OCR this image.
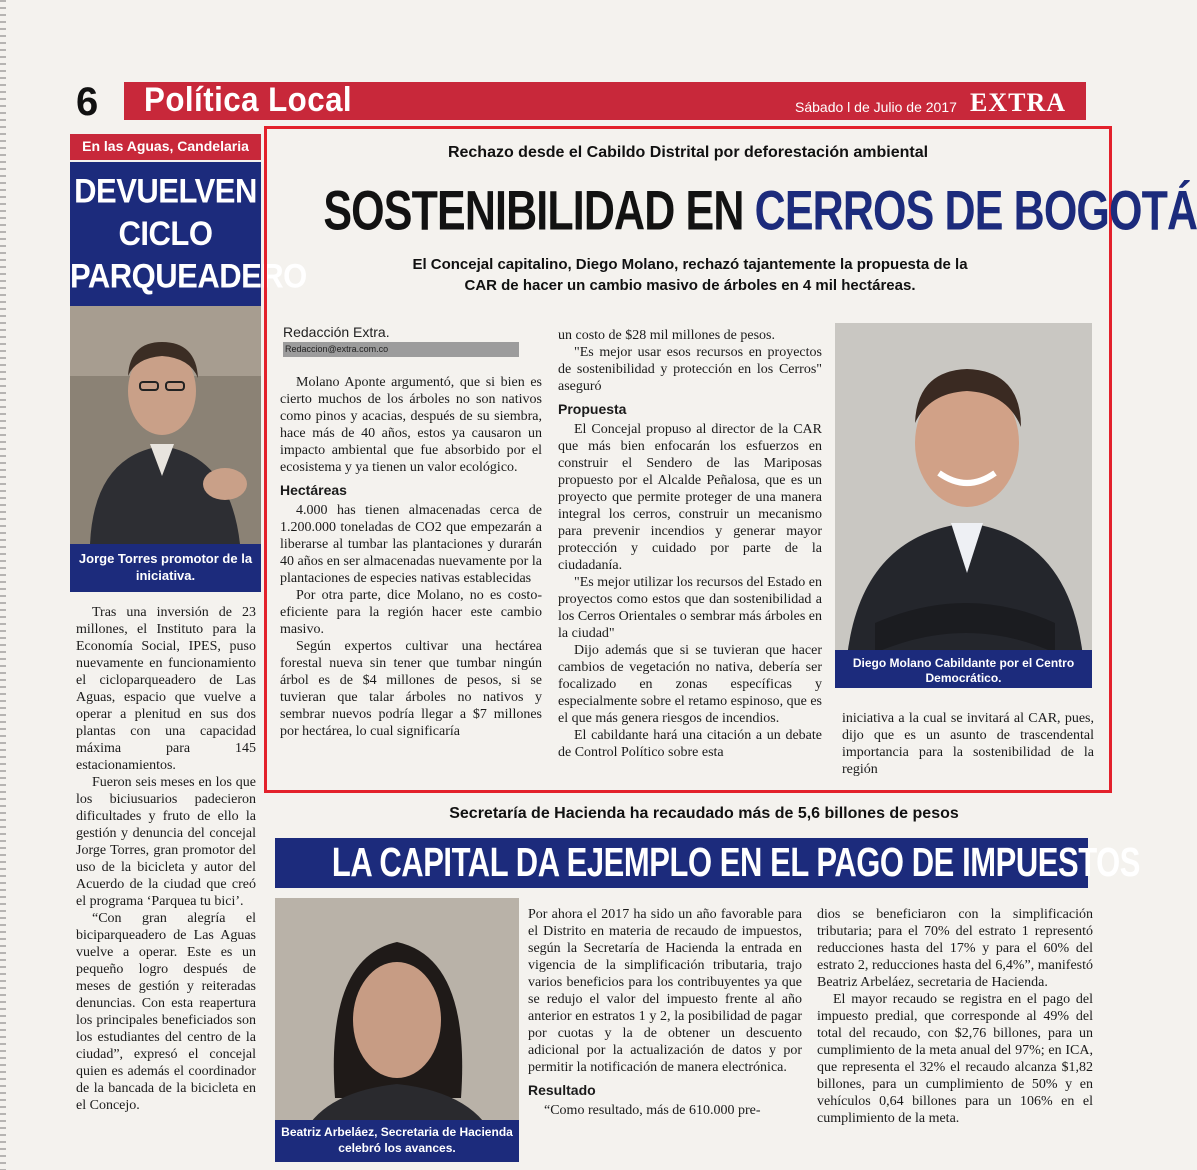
6 Política Local	Sábado l de Julio de 2017 EXTRA
En las Aguas, Candelaria
DEVUELVEN CICLO PARQUEADERO
Jorge Torres promotor de la iniciativa.

Tras una inversión de 23 millones, el Instituto para la Economía Social, IPES, puso nuevamente en funcionamiento el cicloparqueadero de Las Aguas, espacio que vuelve a operar a plenitud en sus dos plantas con una capacidad máxima para 145 estacionamientos.

Fueron seis meses en los que los biciusuarios padecieron dificultades y fruto de ello la gestión y denuncia del concejal Jorge Torres, gran promotor del uso de la bicicleta y autor del Acuerdo de la ciudad que creó el programa ‘Parquea tu bici’.

“Con gran alegría el biciparqueadero de Las Aguas vuelve a operar. Este es un pequeño logro después de meses de gestión y reiteradas denuncias. Con esta reapertura los principales beneficiados son los estudiantes del centro de la ciudad”, expresó el concejal quien es además el coordinador de la bancada de la bicicleta en el Concejo.

Rechazo desde el Cabildo Distrital por deforestación ambiental
SOSTENIBILIDAD EN CERROS DE BOGOTÁ
El Concejal capitalino, Diego Molano, rechazó tajantemente la propuesta de la CAR de hacer un cambio masivo de árboles en 4 mil hectáreas.
Redacción Extra.
Redaccion@extra.com.co

Molano Aponte argumentó, que si bien es cierto muchos de los árboles no son nativos como pinos y acacias, después de su siembra, hace más de 40 años, estos ya causaron un impacto ambiental que fue absorbido por el ecosistema y ya tienen un valor ecológico.

Hectáreas

4.000 has tienen almacenadas cerca de 1.200.000 toneladas de CO2 que empezarán a liberarse al tumbar las plantaciones y durarán 40 años en ser almacenadas nuevamente por la plantaciones de especies nativas establecidas

Por otra parte, dice Molano, no es costo-eficiente para la región hacer este cambio masivo.

Según expertos cultivar una hectárea forestal nueva sin tener que tumbar ningún árbol es de $4 millones de pesos, si se tuvieran que talar árboles no nativos y sembrar nuevos podría llegar a $7 millones por hectárea, lo cual significaría

un costo de $28 mil millones de pesos.

"Es mejor usar esos recursos en proyectos de sostenibilidad y protección en los Cerros" aseguró

Propuesta

El Concejal propuso al director de la CAR que más bien enfocarán los esfuerzos en construir el Sendero de las Mariposas propuesto por el Alcalde Peñalosa, que es un proyecto que permite proteger de una manera integral los cerros, construir un mecanismo para prevenir incendios y generar mayor protección y cuidado por parte de la ciudadanía.

"Es mejor utilizar los recursos del Estado en proyectos como estos que dan sostenibilidad a los Cerros Orientales o sembrar más árboles en la ciudad"

Dijo además que si se tuvieran que hacer cambios de vegetación no nativa, debería ser focalizado en zonas específicas y especialmente sobre el retamo espinoso, que es el que más genera riesgos de incendios.

El cabildante hará una citación a un debate de Control Político sobre esta

Diego Molano Cabildante por el Centro Democrático.

iniciativa a la cual se invitará al CAR, pues, dijo que es un asunto de trascendental importancia para la sostenibilidad de la región

Secretaría de Hacienda ha recaudado más de 5,6 billones de pesos
LA CAPITAL DA EJEMPLO EN EL PAGO DE IMPUESTOS
Beatriz Arbeláez, Secretaria de Hacienda celebró los avances.

Por ahora el 2017 ha sido un año favorable para el Distrito en materia de recaudo de impuestos, según la Secretaría de Hacienda la entrada en vigencia de la simplificación tributaria, trajo varios beneficios para los contribuyentes ya que se redujo el valor del impuesto frente al año anterior en estratos 1 y 2, la posibilidad de pagar por cuotas y la de obtener un descuento adicional por la actualización de datos y por permitir la notificación de manera electrónica.

Resultado

“Como resultado, más de 610.000 pre-

dios se beneficiaron con la simplificación tributaria; para el 70% del estrato 1 representó reducciones hasta del 17% y para el 60% del estrato 2, reducciones hasta del 6,4%”, manifestó Beatriz Arbeláez, secretaria de Hacienda.

El mayor recaudo se registra en el pago del impuesto predial, que corresponde al 49% del total del recaudo, con $2,76 billones, para un cumplimiento de la meta anual del 97%; en ICA, que representa el 32% el recaudo alcanza $1,82 billones, para un cumplimiento de 50% y en vehículos 0,64 billones para un 106% en el cumplimiento de la meta.
